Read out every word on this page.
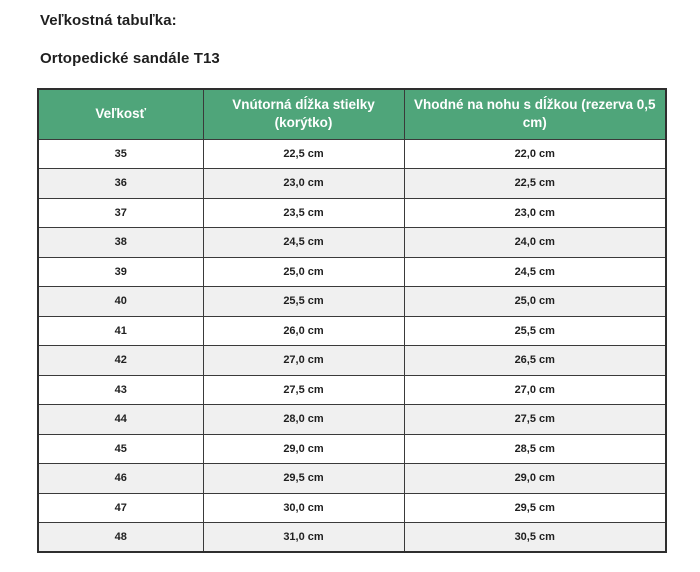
Veľkostná tabuľka:
Ortopedické sandále T13
Veľkosť	Vnútorná dĺžka stielky (korýtko)	Vhodné na nohu s dĺžkou (rezerva 0,5 cm)
35	22,5 cm	22,0 cm
36	23,0 cm	22,5 cm
37	23,5 cm	23,0 cm
38	24,5 cm	24,0 cm
39	25,0 cm	24,5 cm
40	25,5 cm	25,0 cm
41	26,0 cm	25,5 cm
42	27,0 cm	26,5 cm
43	27,5 cm	27,0 cm
44	28,0 cm	27,5 cm
45	29,0 cm	28,5 cm
46	29,5 cm	29,0 cm
47	30,0 cm	29,5 cm
48	31,0 cm	30,5 cm
